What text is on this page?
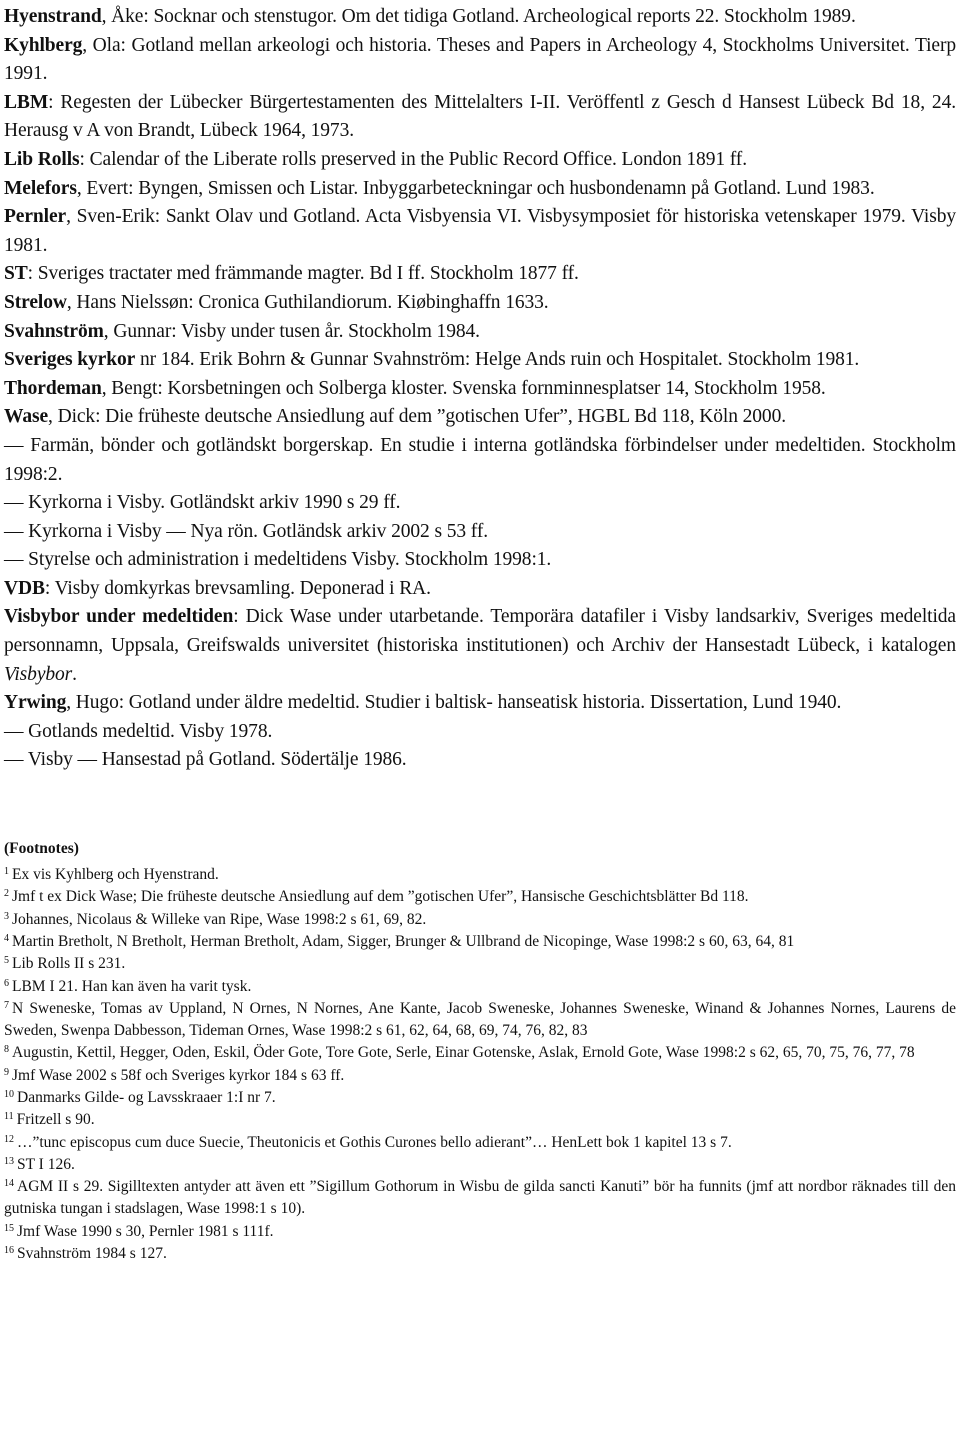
Hyenstrand, Åke: Socknar och stenstugor. Om det tidiga Gotland. Archeological reports 22. Stockholm 1989.

Kyhlberg, Ola: Gotland mellan arkeologi och historia. Theses and Papers in Archeology 4, Stockholms Universitet. Tierp 1991.

LBM: Regesten der Lübecker Bürgertestamenten des Mittelalters I-II. Veröffentl z Gesch d Hansest Lübeck Bd 18, 24. Herausg v A von Brandt, Lübeck 1964, 1973.

Lib Rolls: Calendar of the Liberate rolls preserved in the Public Record Office. London 1891 ff.

Melefors, Evert: Byngen, Smissen och Listar. Inbyggarbeteckningar och husbondenamn på Gotland. Lund 1983.

Pernler, Sven-Erik: Sankt Olav und Gotland. Acta Visbyensia VI. Visbysymposiet för historiska vetenskaper 1979. Visby 1981.

ST: Sveriges tractater med främmande magter. Bd I ff. Stockholm 1877 ff.

Strelow, Hans Nielssøn: Cronica Guthilandiorum. Kiøbinghaffn 1633.

Svahnström, Gunnar: Visby under tusen år. Stockholm 1984.

Sveriges kyrkor nr 184. Erik Bohrn & Gunnar Svahnström: Helge Ands ruin och Hospitalet. Stockholm 1981.

Thordeman, Bengt: Korsbetningen och Solberga kloster. Svenska fornminnesplatser 14, Stockholm 1958.

Wase, Dick: Die früheste deutsche Ansiedlung auf dem ”gotischen Ufer”, HGBL Bd 118, Köln 2000.

— Farmän, bönder och gotländskt borgerskap. En studie i interna gotländska förbindelser under medeltiden. Stockholm 1998:2.

— Kyrkorna i Visby. Gotländskt arkiv 1990 s 29 ff.

— Kyrkorna i Visby — Nya rön. Gotländsk arkiv 2002 s 53 ff.

— Styrelse och administration i medeltidens Visby. Stockholm 1998:1.

VDB: Visby domkyrkas brevsamling. Deponerad i RA.

Visbybor under medeltiden: Dick Wase under utarbetande. Temporära datafiler i Visby landsarkiv, Sveriges medeltida personnamn, Uppsala, Greifswalds universitet (historiska institutionen) och Archiv der Hansestadt Lübeck, i katalogen Visbybor.

Yrwing, Hugo: Gotland under äldre medeltid. Studier i baltisk- hanseatisk historia. Dissertation, Lund 1940.

— Gotlands medeltid. Visby 1978.

— Visby — Hansestad på Gotland. Södertälje 1986.

(Footnotes)

$^1$ Ex vis Kyhlberg och Hyenstrand.

$^2$ Jmf t ex Dick Wase; Die früheste deutsche Ansiedlung auf dem ”gotischen Ufer”, Hansische Geschichtsblätter Bd 118.

$^3$ Johannes, Nicolaus & Willeke van Ripe, Wase 1998:2 s 61, 69, 82.

$^4$ Martin Bretholt, N Bretholt, Herman Bretholt, Adam, Sigger, Brunger & Ullbrand de Nicopinge, Wase 1998:2 s 60, 63, 64, 81

$^5$ Lib Rolls II s 231.

$^6$ LBM I 21. Han kan även ha varit tysk.

$^7$ N Sweneske, Tomas av Uppland, N Ornes, N Nornes, Ane Kante, Jacob Sweneske, Johannes Sweneske, Winand & Johannes Nornes, Laurens de Sweden, Swenpa Dabbesson, Tideman Ornes, Wase 1998:2 s 61, 62, 64, 68, 69, 74, 76, 82, 83

$^8$ Augustin, Kettil, Hegger, Oden, Eskil, Öder Gote, Tore Gote, Serle, Einar Gotenske, Aslak, Ernold Gote, Wase 1998:2 s 62, 65, 70, 75, 76, 77, 78

$^9$ Jmf Wase 2002 s 58f och Sveriges kyrkor 184 s 63 ff.

$^{10}$ Danmarks Gilde- og Lavsskraaer 1:I nr 7.

$^{11}$ Fritzell s 90.

$^{12}$ …”tunc episcopus cum duce Suecie, Theutonicis et Gothis Curones bello adierant”… HenLett bok 1 kapitel 13 s 7.

$^{13}$ ST I 126.

$^{14}$ AGM II s 29. Sigilltexten antyder att även ett ”Sigillum Gothorum in Wisbu de gilda sancti Kanuti” bör ha funnits (jmf att nordbor räknades till den gutniska tungan i stadslagen, Wase 1998:1 s 10).

$^{15}$ Jmf Wase 1990 s 30, Pernler 1981 s 111f.

$^{16}$ Svahnström 1984 s 127.
